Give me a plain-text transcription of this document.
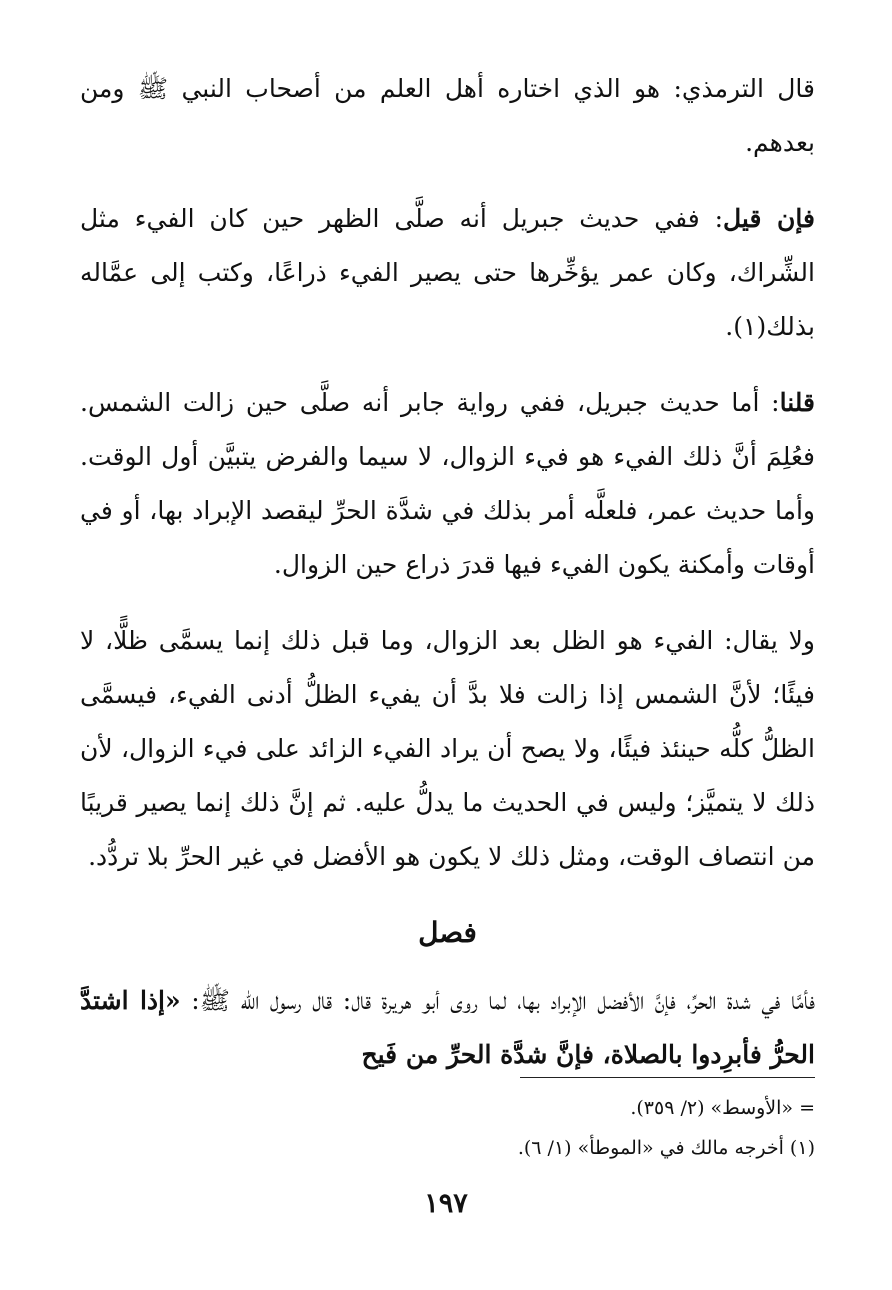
قال الترمذي: هو الذي اختاره أهل العلم من أصحاب النبي ﷺ ومن بعدهم.

فإن قيل: ففي حديث جبريل أنه صلَّى الظهر حين كان الفيء مثل الشِّراك، وكان عمر يؤخِّرها حتى يصير الفيء ذراعًا، وكتب إلى عمَّاله بذلك(١).

قلنا: أما حديث جبريل، ففي رواية جابر أنه صلَّى حين زالت الشمس. فعُلِمَ أنَّ ذلك الفيء هو فيء الزوال، لا سيما والفرض يتبيَّن أول الوقت. وأما حديث عمر، فلعلَّه أمر بذلك في شدَّة الحرِّ ليقصد الإبراد بها، أو في أوقات وأمكنة يكون الفيء فيها قدرَ ذراع حين الزوال.

ولا يقال: الفيء هو الظل بعد الزوال، وما قبل ذلك إنما يسمَّى ظلًّا، لا فيئًا؛ لأنَّ الشمس إذا زالت فلا بدَّ أن يفيء الظلُّ أدنى الفيء، فيسمَّى الظلُّ كلُّه حينئذ فيئًا، ولا يصح أن يراد الفيء الزائد على فيء الزوال، لأن ذلك لا يتميَّز؛ وليس في الحديث ما يدلُّ عليه. ثم إنَّ ذلك إنما يصير قريبًا من انتصاف الوقت، ومثل ذلك لا يكون هو الأفضل في غير الحرِّ بلا تردُّد.

فصل

فأمَّا في شدة الحرِّ، فإنَّ الأفضل الإبراد بها، لما روى أبو هريرة قال: قال رسول الله ﷺ: «إذا اشتدَّ الحرُّ فأبرِدوا بالصلاة، فإنَّ شدَّة الحرِّ من فَيح

= «الأوسط» (٢/ ٣٥٩).

(١) أخرجه مالك في «الموطأ» (١/ ٦).

١٩٧
